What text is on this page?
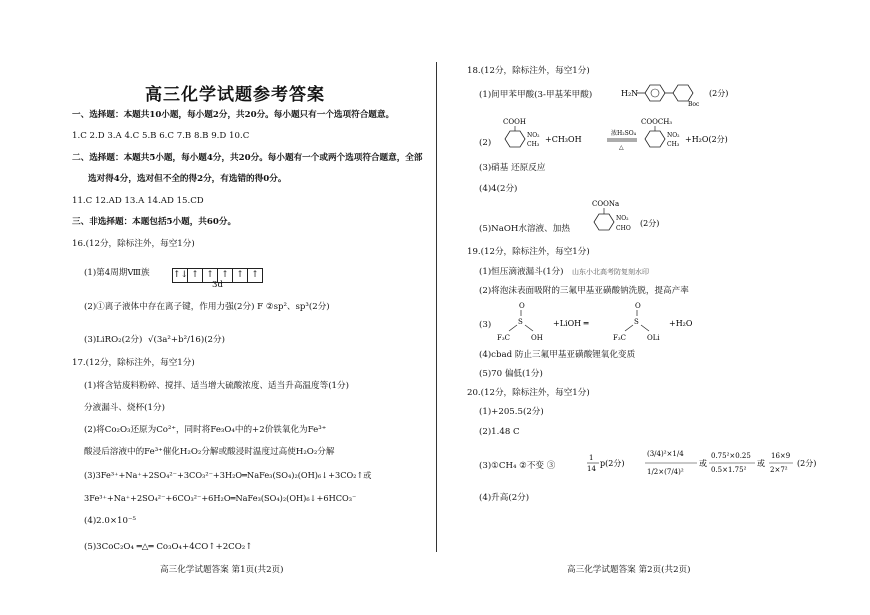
高三化学试题参考答案
一、选择题：本题共10小题，每小题2分，共20分。每小题只有一个选项符合题意。
1.C 2.D 3.A 4.C 5.B 6.C 7.B 8.B 9.D 10.C
二、选择题：本题共5小题，每小题4分，共20分。每小题有一个或两个选项符合题意，全部
选对得4分，选对但不全的得2分，有选错的得0分。
11.C 12.AD 13.A 14.AD 15.CD
三、非选择题：本题包括5小题，共60分。
16.(12分，除标注外，每空1分)
(1)第4周期Ⅷ族	↑↓ ↑ ↑ ↑ ↑ ↑
3d
(2)①离子液体中存在离子键，作用力强(2分) F ②sp²、sp³(2分)
(3)LiRO₂(2分) √(3a²+b²/16)(2分)
17.(12分，除标注外，每空1分)
(1)将含钴废料粉碎、搅拌、适当增大硫酸浓度、适当升高温度等(1分)
分液漏斗、烧杯(1分)
(2)将Co₂O₃还原为Co²⁺，同时将Fe₃O₄中的+2价铁氧化为Fe³⁺
酸浸后溶液中的Fe³⁺催化H₂O₂分解或酸浸时温度过高使H₂O₂分解
(3)3Fe³⁺+Na⁺+2SO₄²⁻+3CO₃²⁻+3H₂O═NaFe₃(SO₄)₂(OH)₆↓+3CO₂↑或
3Fe³⁺+Na⁺+2SO₄²⁻+6CO₃²⁻+6H₂O═NaFe₃(SO₄)₂(OH)₆↓+6HCO₃⁻
(4)2.0×10⁻⁵
(5)3CoC₂O₄ ═△═ Co₃O₄+4CO↑+2CO₂↑
高三化学试题答案 第1页(共2页)
18.(12分，除标注外，每空1分)
(1)间甲苯甲酸(3-甲基苯甲酸)	H₂N
Boc
(2分)
(2)
COOH
NO₂
CH₃
+CH₃OH
浓H₂SO₄
△
COOCH₃
NO₂
CH₃
+H₂O(2分)
(3)硝基 还原反应
(4)4(2分)
(5)NaOH水溶液、加热
COONa
NO₂
CHO
(2分)
19.(12分，除标注外，每空1分)
(1)恒压滴液漏斗(1分) 山东小北高考防复刻水印
(2)将泡沫表面吸附的三氟甲基亚磺酸钠洗脱，提高产率
(3)
O
S
F₃C	OH
+LiOH ═
O
S
F₃C	OLi
+H₂O
(4)cbad 防止三氟甲基亚磺酸锂氧化变质
(5)70 偏低(1分)
20.(12分，除标注外，每空1分)
(1)+205.5(2分)
(2)1.48 C
(3)①CH₄ ②不变 ③
1
14
p(2分)
(3/4)²×1/4
1/2×(7/4)²
或
0.75²×0.25
0.5×1.75²
或
16×9
2×7²
(2分)
(4)升高(2分)
高三化学试题答案 第2页(共2页)
